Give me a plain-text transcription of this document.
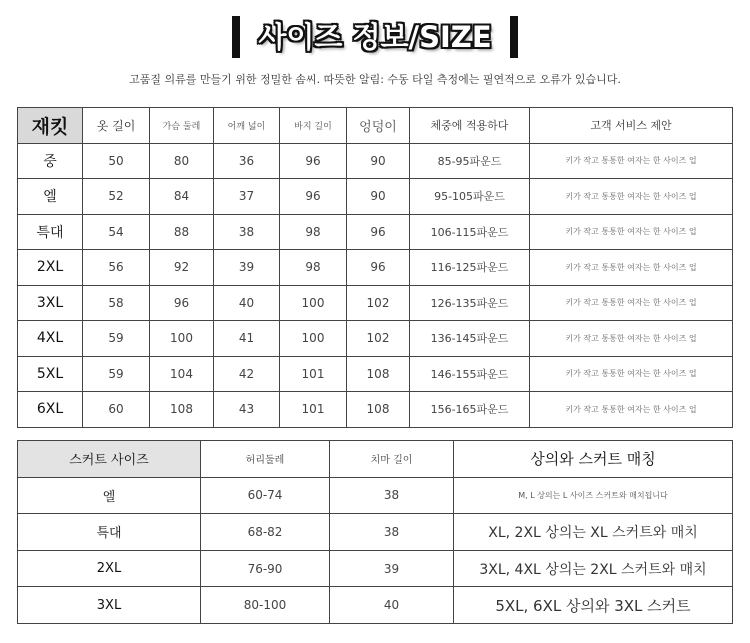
사이즈 정보/SIZE
고품질 의류를 만들기 위한 정밀한 솜씨. 따뜻한 알림: 수동 타일 측정에는 필연적으로 오류가 있습니다.
재킷	옷 길이	가슴 둘레	어깨 넓이	바지 길이	엉덩이	체중에 적용하다	고객 서비스 제안
중	50	80	36	96	90	85-95파운드	키가 작고 통통한 여자는 한 사이즈 업
엘	52	84	37	96	90	95-105파운드	키가 작고 통통한 여자는 한 사이즈 업
특대	54	88	38	98	96	106-115파운드	키가 작고 통통한 여자는 한 사이즈 업
2XL	56	92	39	98	96	116-125파운드	키가 작고 통통한 여자는 한 사이즈 업
3XL	58	96	40	100	102	126-135파운드	키가 작고 통통한 여자는 한 사이즈 업
4XL	59	100	41	100	102	136-145파운드	키가 작고 통통한 여자는 한 사이즈 업
5XL	59	104	42	101	108	146-155파운드	키가 작고 통통한 여자는 한 사이즈 업
6XL	60	108	43	101	108	156-165파운드	키가 작고 통통한 여자는 한 사이즈 업
스커트 사이즈	허리둘레	치마 길이	상의와 스커트 매칭
엘	60-74	38	M, L 상의는 L 사이즈 스커트와 매치됩니다
특대	68-82	38	XL, 2XL 상의는 XL 스커트와 매치
2XL	76-90	39	3XL, 4XL 상의는 2XL 스커트와 매치
3XL	80-100	40	5XL, 6XL 상의와 3XL 스커트
